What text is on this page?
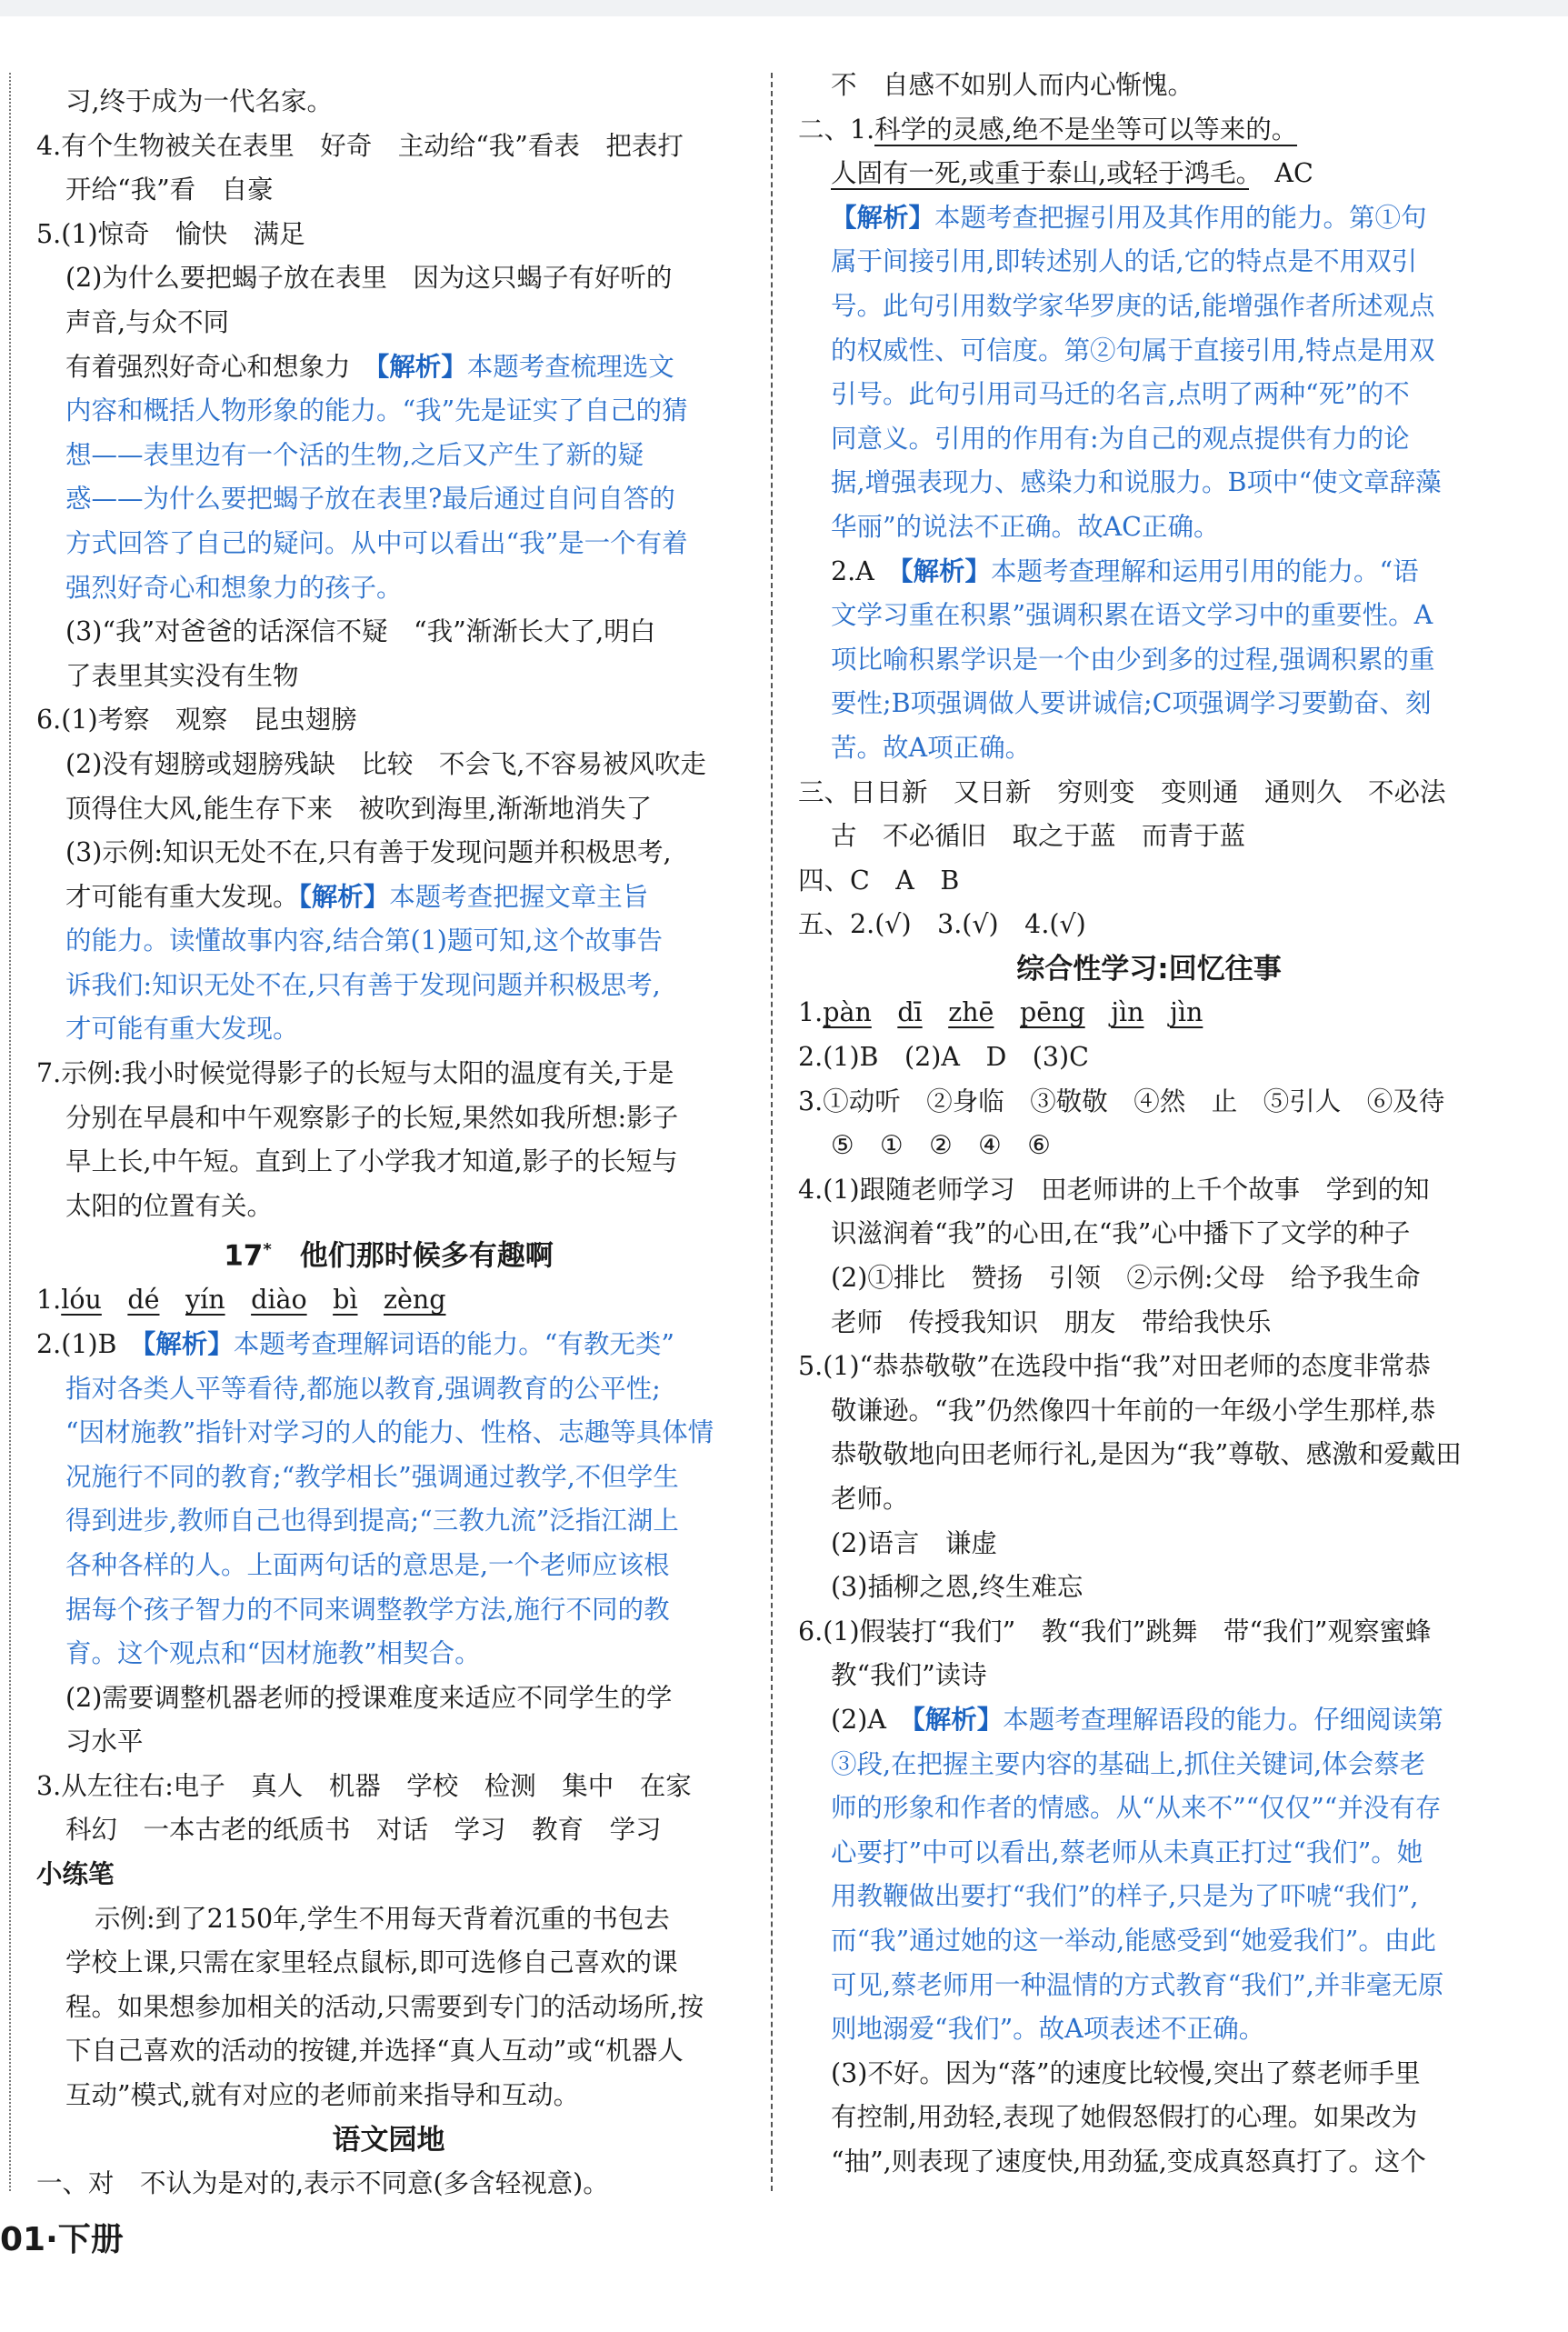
习,终于成为一代名家。

4.有个生物被关在表里　好奇　主动给“我”看表　把表打

开给“我”看　自豪

5.(1)惊奇　愉快　满足

(2)为什么要把蝎子放在表里　因为这只蝎子有好听的

声音,与众不同

有着强烈好奇心和想象力　【解析】本题考查梳理选文

内容和概括人物形象的能力。“我”先是证实了自己的猜

想——表里边有一个活的生物,之后又产生了新的疑

惑——为什么要把蝎子放在表里?最后通过自问自答的

方式回答了自己的疑问。从中可以看出“我”是一个有着

强烈好奇心和想象力的孩子。

(3)“我”对爸爸的话深信不疑　“我”渐渐长大了,明白

了表里其实没有生物

6.(1)考察　观察　昆虫翅膀

(2)没有翅膀或翅膀残缺　比较　不会飞,不容易被风吹走

顶得住大风,能生存下来　被吹到海里,渐渐地消失了

(3)示例:知识无处不在,只有善于发现问题并积极思考,

才可能有重大发现。【解析】本题考查把握文章主旨

的能力。读懂故事内容,结合第(1)题可知,这个故事告

诉我们:知识无处不在,只有善于发现问题并积极思考,

才可能有重大发现。

7.示例:我小时候觉得影子的长短与太阳的温度有关,于是

分别在早晨和中午观察影子的长短,果然如我所想:影子

早上长,中午短。直到上了小学我才知道,影子的长短与

太阳的位置有关。

17*　 他们那时候多有趣啊

1.lóu　 dé　 yín　 diào　 bì　 zèng

2.(1)B　【解析】本题考查理解词语的能力。“有教无类”

指对各类人平等看待,都施以教育,强调教育的公平性;

“因材施教”指针对学习的人的能力、性格、志趣等具体情

况施行不同的教育;“教学相长”强调通过教学,不但学生

得到进步,教师自己也得到提高;“三教九流”泛指江湖上

各种各样的人。上面两句话的意思是,一个老师应该根

据每个孩子智力的不同来调整教学方法,施行不同的教

育。这个观点和“因材施教”相契合。

(2)需要调整机器老师的授课难度来适应不同学生的学

习水平

3.从左往右:电子　真人　机器　学校　检测　集中　在家

科幻　一本古老的纸质书　对话　学习　教育　学习

小练笔

示例:到了2150年,学生不用每天背着沉重的书包去

学校上课,只需在家里轻点鼠标,即可选修自己喜欢的课

程。如果想参加相关的活动,只需要到专门的活动场所,按

下自己喜欢的活动的按键,并选择“真人互动”或“机器人

互动”模式,就有对应的老师前来指导和互动。

语文园地

一、对　不认为是对的,表示不同意(多含轻视意)。

不　自感不如别人而内心惭愧。

二、1.科学的灵感,绝不是坐等可以等来的。

人固有一死,或重于泰山,或轻于鸿毛。　AC

【解析】本题考查把握引用及其作用的能力。第①句

属于间接引用,即转述别人的话,它的特点是不用双引

号。此句引用数学家华罗庚的话,能增强作者所述观点

的权威性、可信度。第②句属于直接引用,特点是用双

引号。此句引用司马迁的名言,点明了两种“死”的不

同意义。引用的作用有:为自己的观点提供有力的论

据,增强表现力、感染力和说服力。B项中“使文章辞藻

华丽”的说法不正确。故AC正确。

2.A　【解析】本题考查理解和运用引用的能力。“语

文学习重在积累”强调积累在语文学习中的重要性。A

项比喻积累学识是一个由少到多的过程,强调积累的重

要性;B项强调做人要讲诚信;C项强调学习要勤奋、刻

苦。故A项正确。

三、日日新　又日新　穷则变　变则通　通则久　不必法

古　不必循旧　取之于蓝　而青于蓝

四、C　A　B

五、2.(√)　3.(√)　4.(√)

综合性学习:回忆往事

1.pàn　 dī　 zhē　 pēng　 jìn　 jìn

2.(1)B　(2)A　D　(3)C

3.①动听　②身临　③敬敬　④然　止　⑤引人　⑥及待

⑤　①　②　④　⑥

4.(1)跟随老师学习　田老师讲的上千个故事　学到的知

识滋润着“我”的心田,在“我”心中播下了文学的种子

(2)①排比　赞扬　引领　②示例:父母　给予我生命

老师　传授我知识　朋友　带给我快乐

5.(1)“恭恭敬敬”在选段中指“我”对田老师的态度非常恭

敬谦逊。“我”仍然像四十年前的一年级小学生那样,恭

恭敬敬地向田老师行礼,是因为“我”尊敬、感激和爱戴田

老师。

(2)语言　谦虚

(3)插柳之恩,终生难忘

6.(1)假装打“我们”　教“我们”跳舞　带“我们”观察蜜蜂

教“我们”读诗

(2)A　【解析】本题考查理解语段的能力。仔细阅读第

③段,在把握主要内容的基础上,抓住关键词,体会蔡老

师的形象和作者的情感。从“从来不”“仅仅”“并没有存

心要打”中可以看出,蔡老师从未真正打过“我们”。她

用教鞭做出要打“我们”的样子,只是为了吓唬“我们”,

而“我”通过她的这一举动,能感受到“她爱我们”。由此

可见,蔡老师用一种温情的方式教育“我们”,并非毫无原

则地溺爱“我们”。故A项表述不正确。

(3)不好。因为“落”的速度比较慢,突出了蔡老师手里

有控制,用劲轻,表现了她假怒假打的心理。如果改为

“抽”,则表现了速度快,用劲猛,变成真怒真打了。这个

01·下册
